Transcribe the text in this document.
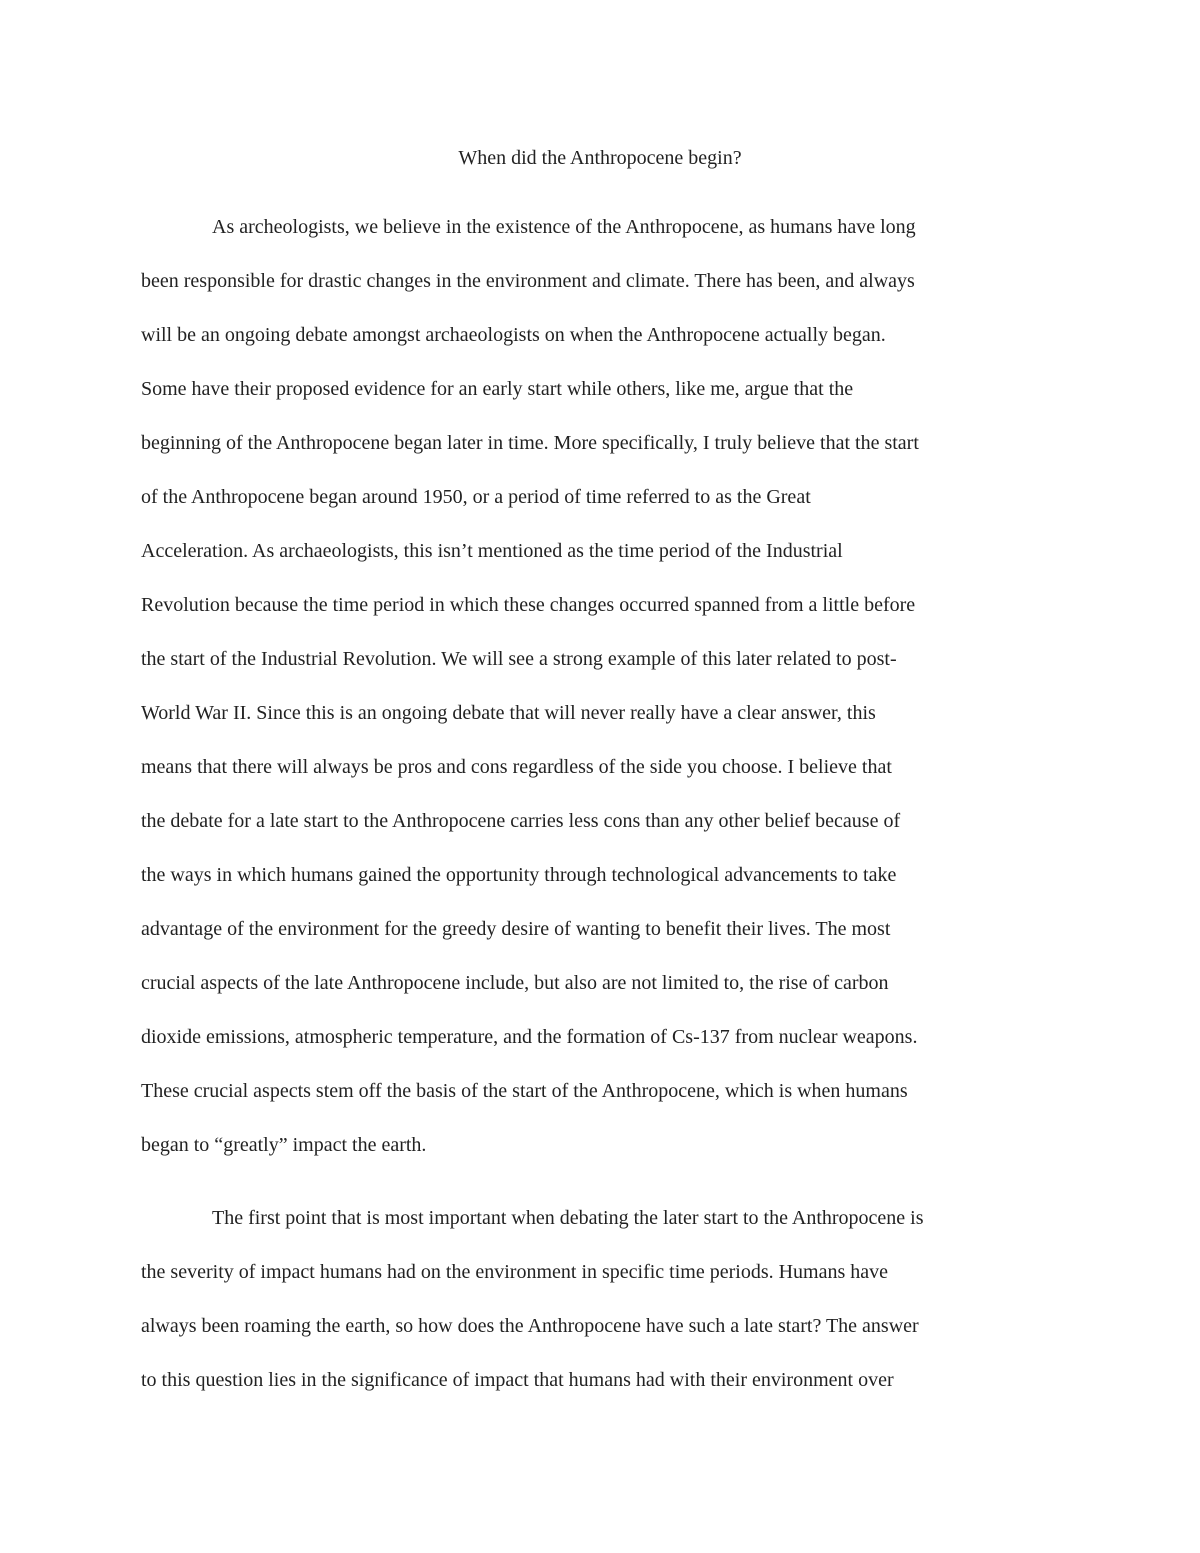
When did the Anthropocene begin?
As archeologists, we believe in the existence of the Anthropocene, as humans have long
been responsible for drastic changes in the environment and climate. There has been, and always
will be an ongoing debate amongst archaeologists on when the Anthropocene actually began.
Some have their proposed evidence for an early start while others, like me, argue that the
beginning of the Anthropocene began later in time. More specifically, I truly believe that the start
of the Anthropocene began around 1950, or a period of time referred to as the Great
Acceleration. As archaeologists, this isn’t mentioned as the time period of the Industrial
Revolution because the time period in which these changes occurred spanned from a little before
the start of the Industrial Revolution. We will see a strong example of this later related to post-
World War II. Since this is an ongoing debate that will never really have a clear answer, this
means that there will always be pros and cons regardless of the side you choose. I believe that
the debate for a late start to the Anthropocene carries less cons than any other belief because of
the ways in which humans gained the opportunity through technological advancements to take
advantage of the environment for the greedy desire of wanting to benefit their lives. The most
crucial aspects of the late Anthropocene include, but also are not limited to, the rise of carbon
dioxide emissions, atmospheric temperature, and the formation of Cs-137 from nuclear weapons.
These crucial aspects stem off the basis of the start of the Anthropocene, which is when humans
began to “greatly” impact the earth.
The first point that is most important when debating the later start to the Anthropocene is
the severity of impact humans had on the environment in specific time periods. Humans have
always been roaming the earth, so how does the Anthropocene have such a late start? The answer
to this question lies in the significance of impact that humans had with their environment over
